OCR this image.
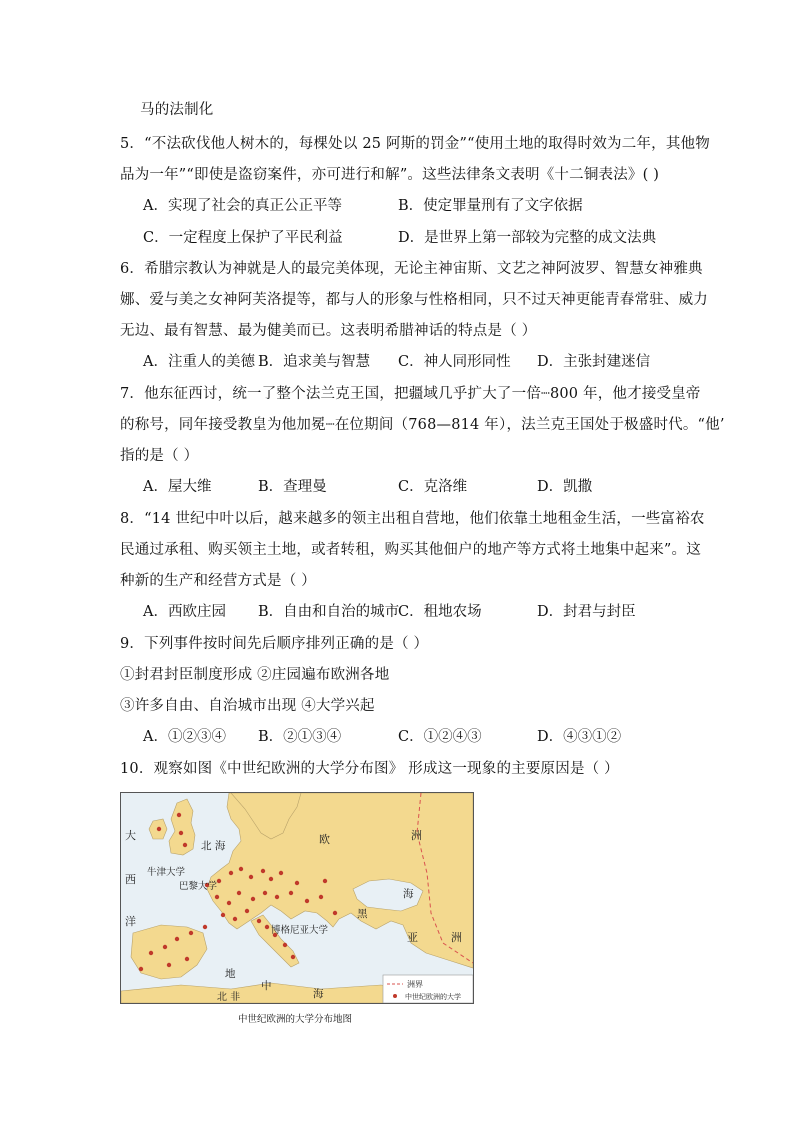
马的法制化
5．“不法砍伐他人树木的，每棵处以 25 阿斯的罚金”“使用土地的取得时效为二年，其他物
品为一年”“即使是盗窃案件，亦可进行和解”。这些法律条文表明《十二铜表法》( )
A．实现了社会的真正公正平等	B．使定罪量刑有了文字依据
C．一定程度上保护了平民利益	D．是世界上第一部较为完整的成文法典
6．希腊宗教认为神就是人的最完美体现，无论主神宙斯、文艺之神阿波罗、智慧女神雅典
娜、爱与美之女神阿芙洛提等，都与人的形象与性格相同，只不过天神更能青春常驻、威力
无边、最有智慧、最为健美而已。这表明希腊神话的特点是（ ）
A．注重人的美德 B．追求美与智慧 C．神人同形同性 D．主张封建迷信
7．他东征西讨，统一了整个法兰克王国，把疆域几乎扩大了一倍┈800 年，他才接受皇帝
的称号，同年接受教皇为他加冕┈在位期间（768—814 年），法兰克王国处于极盛时代。“他’
指的是（ ）
A．屋大维	B．查理曼	C．克洛维	D．凯撒
8．“14 世纪中叶以后，越来越多的领主出租自营地，他们依靠土地租金生活，一些富裕农
民通过承租、购买领主土地，或者转租，购买其他佃户的地产等方式将土地集中起来”。这
种新的生产和经营方式是（ ）
A．西欧庄园 B．自由和自治的城市
C．租地农场	D．封君与封臣
9．下列事件按时间先后顺序排列正确的是（ ）
①封君封臣制度形成 ②庄园遍布欧洲各地
③许多自由、自治城市出现 ④大学兴起
A．①②③④ B．②①③④	C．①②④③	D．④③①②
10．观察如图《中世纪欧洲的大学分布图》 形成这一现象的主要原因是（ ）
大
西
洋
北 海	欧	洲
牛津大学
巴黎大学
博格尼亚大学
黑
海
亚	洲
地
中
海
北 非
洲界
中世纪欧洲的大学
中世纪欧洲的大学分布地图
